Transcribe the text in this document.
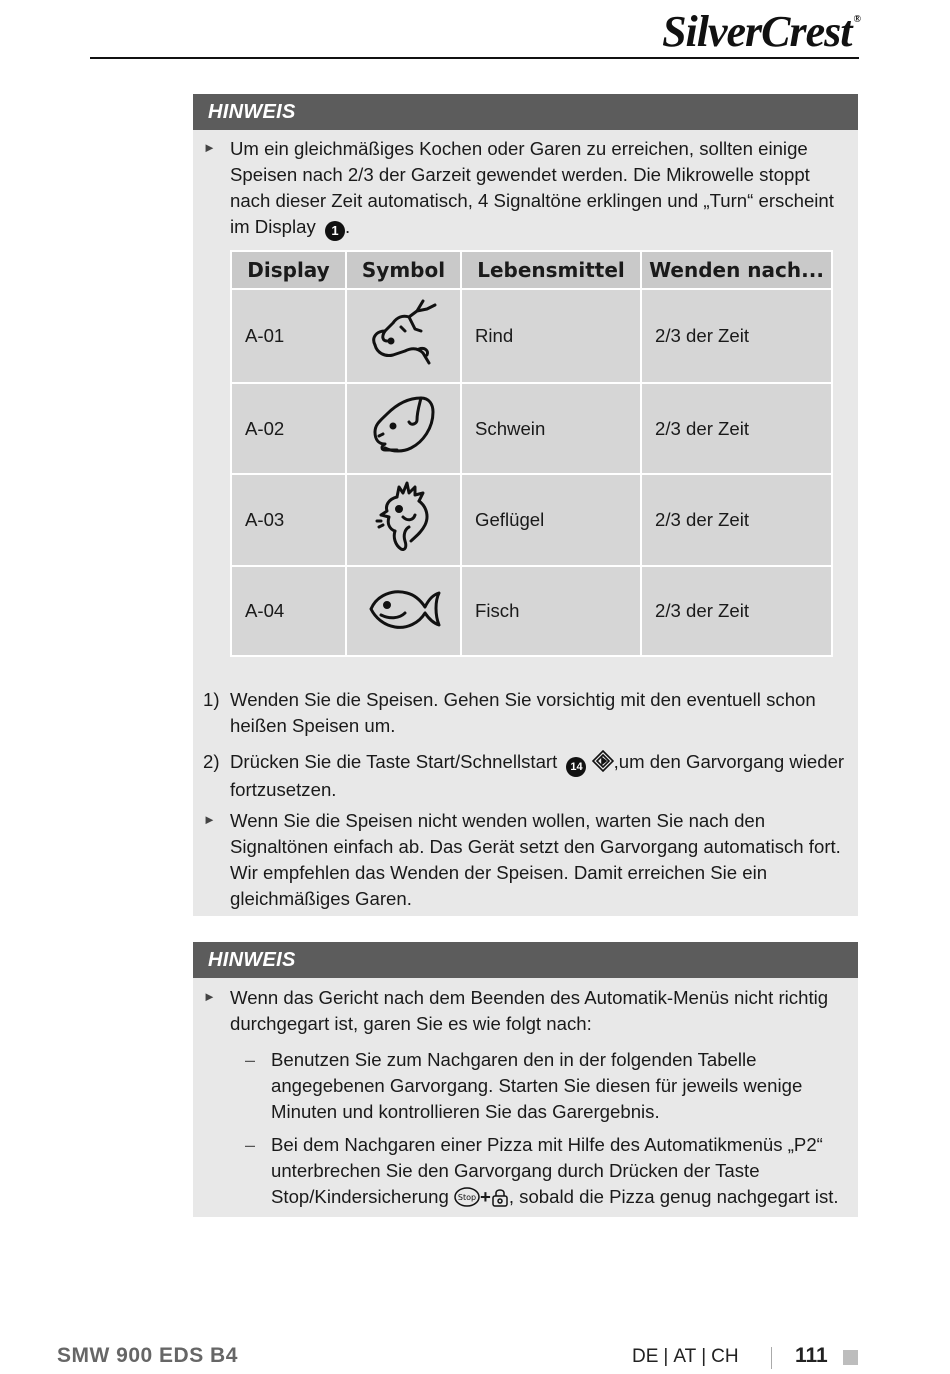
SilverCrest ®
HINWEIS
► Um ein gleichmäßiges Kochen oder Garen zu erreichen, sollten einige Speisen nach 2/3 der Garzeit gewendet werden. Die Mikrowelle stoppt nach dieser Zeit automatisch, 4 Signaltöne erklingen und „Turn“ erscheint im Display 1 .
Display	Symbol	Lebensmittel	Wenden nach...
A-01		Rind	2/3 der Zeit
A-02		Schwein	2/3 der Zeit
A-03		Geflügel	2/3 der Zeit
A-04		Fisch	2/3 der Zeit
1) Wenden Sie die Speisen. Gehen Sie vorsichtig mit den eventuell schon heißen Speisen um.
2) Drücken Sie die Taste Start/Schnellstart 14 ,um den Garvorgang wieder fortzusetzen.
► Wenn Sie die Speisen nicht wenden wollen, warten Sie nach den Signaltönen einfach ab. Das Gerät setzt den Garvorgang automatisch fort. Wir empfehlen das Wenden der Speisen. Damit erreichen Sie ein gleichmäßiges Garen.
HINWEIS
► Wenn das Gericht nach dem Beenden des Automatik-Menüs nicht richtig durchgegart ist, garen Sie es wie folgt nach:
– Benutzen Sie zum Nachgaren den in der folgenden Tabelle angegebenen Garvorgang. Starten Sie diesen für jeweils wenige Minuten und kontrollieren Sie das Garergebnis.
– Bei dem Nachgaren einer Pizza mit Hilfe des Automatikmenüs „P2“ unterbrechen Sie den Garvorgang durch Drücken der Taste Stop/Kindersicherung Stop + , sobald die Pizza genug nachgegart ist.
SMW 900 EDS B4	DE | AT | CH	111
